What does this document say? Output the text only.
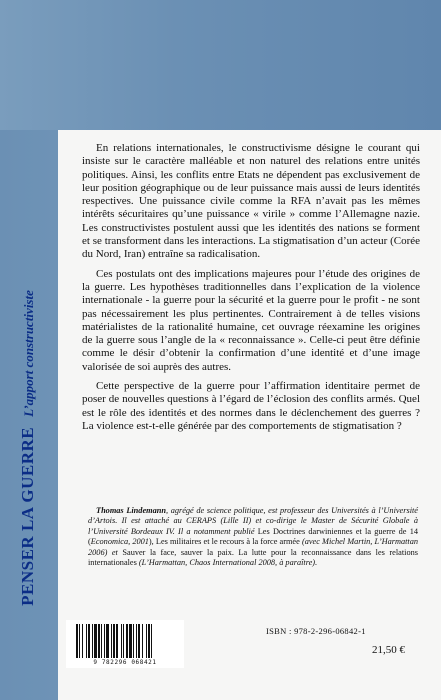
PENSER LA GUERRE
L’apport constructiviste

En relations internationales, le constructivisme désigne le courant qui insiste sur le caractère malléable et non naturel des relations entre unités politiques. Ainsi, les conflits entre Etats ne dépendent pas exclusivement de leur position géographique ou de leur puissance mais aussi de leurs identités respectives. Une puissance civile comme la RFA n’avait pas les mêmes intérêts sécuritaires qu’une puissance « virile » comme l’Allemagne nazie. Les constructivistes postulent aussi que les identités des nations se forment et se transforment dans les interactions. La stigmatisation d’un acteur (Corée du Nord, Iran) entraîne sa radicalisation.

Ces postulats ont des implications majeures pour l’étude des origines de la guerre. Les hypothèses traditionnelles dans l’explication de la violence internationale - la guerre pour la sécurité et la guerre pour le profit - ne sont pas nécessairement les plus pertinentes. Contrairement à de telles visions matérialistes de la rationalité humaine, cet ouvrage réexamine les origines de la guerre sous l’angle de la « reconnaissance ». Celle-ci peut être définie comme le désir d’obtenir la confirmation d’une identité et d’une image valorisée de soi auprès des autres.

Cette perspective de la guerre pour l’affirmation identitaire permet de poser de nouvelles questions à l’égard de l’éclosion des conflits armés. Quel est le rôle des identités et des normes dans le déclenchement des guerres ? La violence est-t-elle générée par des comportements de stigmatisation ?

Thomas Lindemann, agrégé de science politique, est professeur des Universités à l’Université d’Artois. Il est attaché au CERAPS (Lille II) et co-dirige le Master de Sécurité Globale à l’Université Bordeaux IV. Il a notamment publié Les Doctrines darwiniennes et la guerre de 14 (Economica, 2001), Les militaires et le recours à la force armée (avec Michel Martin, L’Harmattan 2006) et Sauver la face, sauver la paix. La lutte pour la reconnaissance dans les relations internationales (L’Harmattan, Chaos International 2008, à paraître).

9 782296 068421
ISBN : 978-2-296-06842-1
21,50 €
